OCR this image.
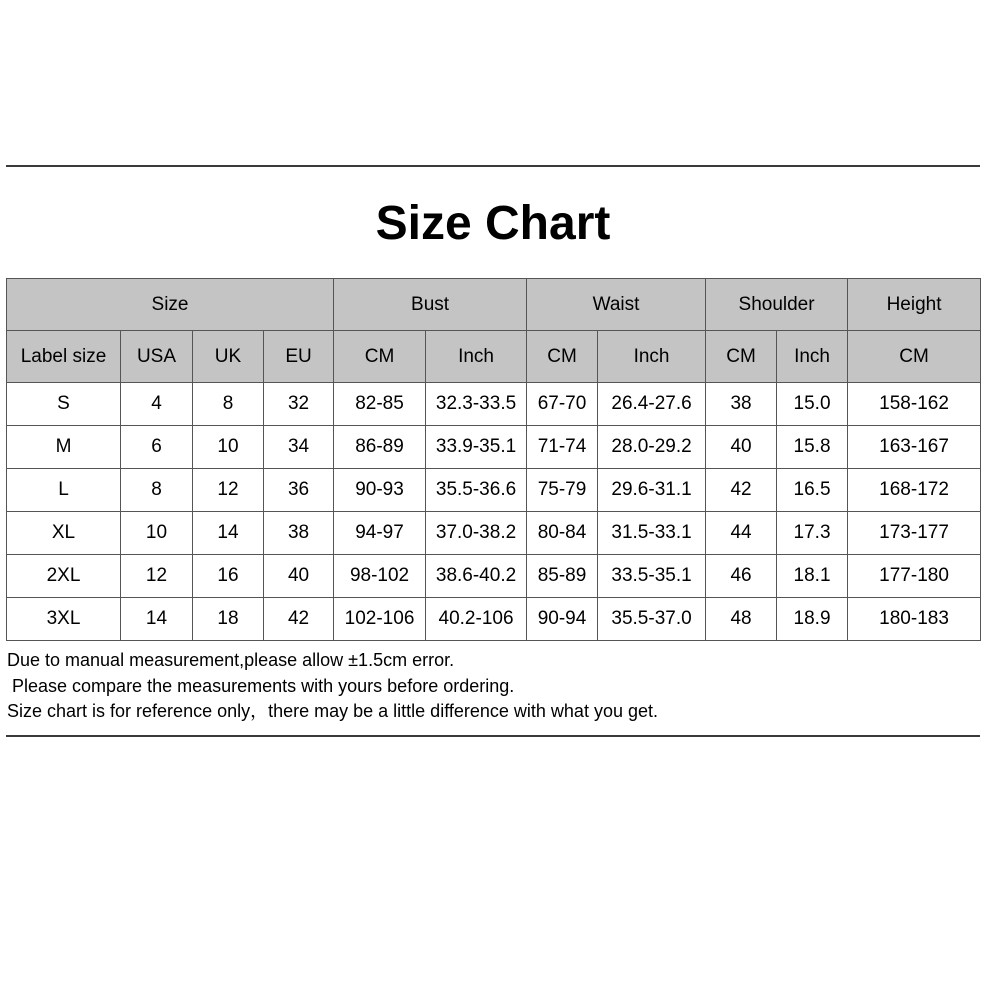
Size Chart
Size				Bust		Waist		Shoulder		Height
Label size	USA	UK	EU	CM	Inch	CM	Inch	CM	Inch	CM
S	4	8	32	82-85	32.3-33.5	67-70	26.4-27.6	38	15.0	158-162
M	6	10	34	86-89	33.9-35.1	71-74	28.0-29.2	40	15.8	163-167
L	8	12	36	90-93	35.5-36.6	75-79	29.6-31.1	42	16.5	168-172
XL	10	14	38	94-97	37.0-38.2	80-84	31.5-33.1	44	17.3	173-177
2XL	12	16	40	98-102	38.6-40.2	85-89	33.5-35.1	46	18.1	177-180
3XL	14	18	42	102-106	40.2-106	90-94	35.5-37.0	48	18.9	180-183
Due to manual measurement,please allow ±1.5cm error.
Please compare the measurements with yours before ordering.
Size chart is for reference only，there may be a little difference with what you get.
